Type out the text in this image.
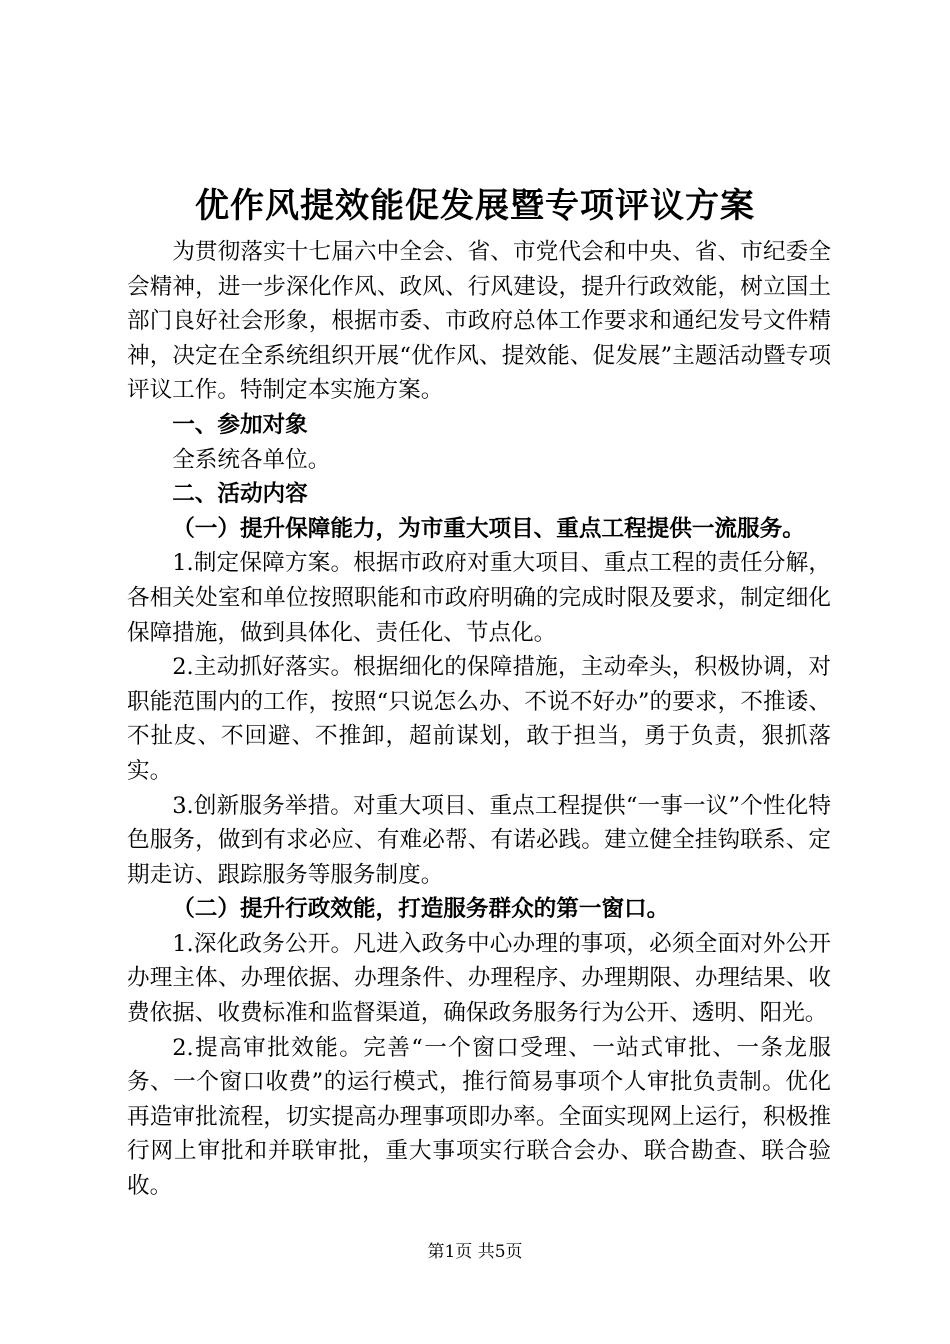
优作风提效能促发展暨专项评议方案

为贯彻落实十七届六中全会、省、市党代会和中央、省、市纪委全会精神，进一步深化作风、政风、行风建设，提升行政效能，树立国土部门良好社会形象，根据市委、市政府总体工作要求和通纪发号文件精神，决定在全系统组织开展“优作风、提效能、促发展”主题活动暨专项评议工作。特制定本实施方案。

一、参加对象

全系统各单位。

二、活动内容

（一）提升保障能力，为市重大项目、重点工程提供一流服务。

1.制定保障方案。根据市政府对重大项目、重点工程的责任分解，各相关处室和单位按照职能和市政府明确的完成时限及要求，制定细化保障措施，做到具体化、责任化、节点化。

2.主动抓好落实。根据细化的保障措施，主动牵头，积极协调，对职能范围内的工作，按照“只说怎么办、不说不好办”的要求，不推诿、不扯皮、不回避、不推卸，超前谋划，敢于担当，勇于负责，狠抓落实。

3.创新服务举措。对重大项目、重点工程提供“一事一议”个性化特色服务，做到有求必应、有难必帮、有诺必践。建立健全挂钩联系、定期走访、跟踪服务等服务制度。

（二）提升行政效能，打造服务群众的第一窗口。

1.深化政务公开。凡进入政务中心办理的事项，必须全面对外公开办理主体、办理依据、办理条件、办理程序、办理期限、办理结果、收费依据、收费标准和监督渠道，确保政务服务行为公开、透明、阳光。

2.提高审批效能。完善“一个窗口受理、一站式审批、一条龙服务、一个窗口收费”的运行模式，推行简易事项个人审批负责制。优化再造审批流程，切实提高办理事项即办率。全面实现网上运行，积极推行网上审批和并联审批，重大事项实行联合会办、联合勘查、联合验收。

第1页 共5页
